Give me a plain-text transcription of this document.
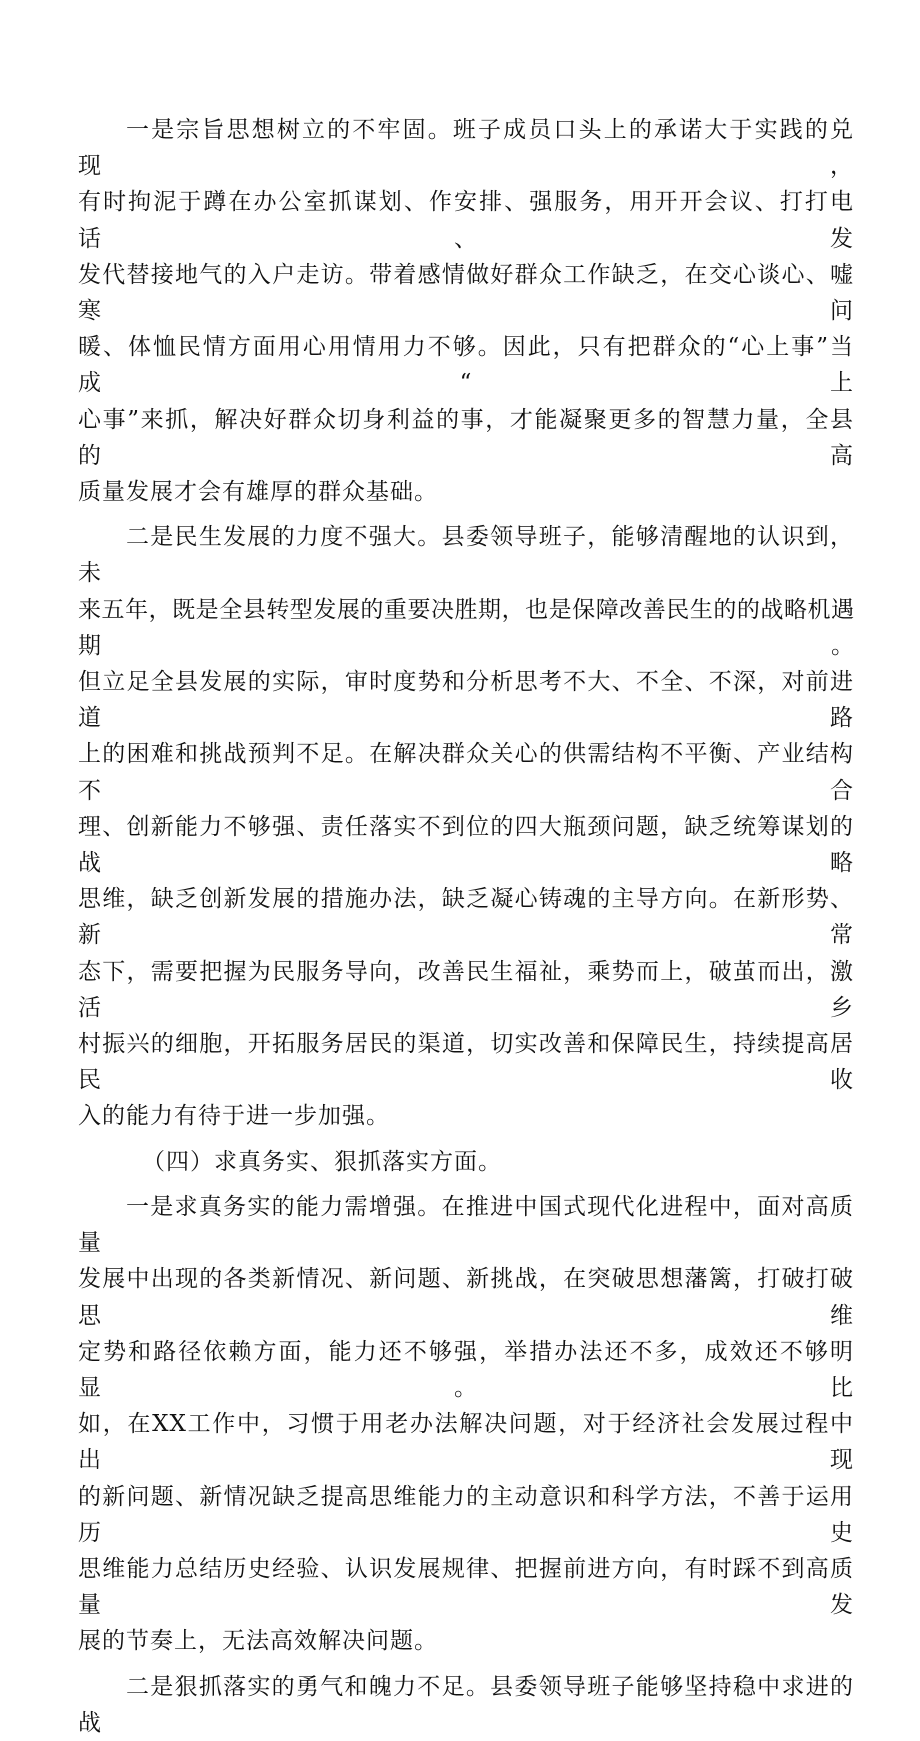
一是宗旨思想树立的不牢固。班子成员口头上的承诺大于实践的兑现，
有时拘泥于蹲在办公室抓谋划、作安排、强服务，用开开会议、打打电话、发
发代替接地气的入户走访。带着感情做好群众工作缺乏，在交心谈心、嘘寒问
暖、体恤民情方面用心用情用力不够。因此，只有把群众的“心上事”当成“上
心事”来抓，解决好群众切身利益的事，才能凝聚更多的智慧力量，全县的高
质量发展才会有雄厚的群众基础。
二是民生发展的力度不强大。县委领导班子，能够清醒地的认识到，未
来五年，既是全县转型发展的重要决胜期，也是保障改善民生的的战略机遇期。
但立足全县发展的实际，审时度势和分析思考不大、不全、不深，对前进道路
上的困难和挑战预判不足。在解决群众关心的供需结构不平衡、产业结构不合
理、创新能力不够强、责任落实不到位的四大瓶颈问题，缺乏统筹谋划的战略
思维，缺乏创新发展的措施办法，缺乏凝心铸魂的主导方向。在新形势、新常
态下，需要把握为民服务导向，改善民生福祉，乘势而上，破茧而出，激活乡
村振兴的细胞，开拓服务居民的渠道，切实改善和保障民生，持续提高居民收
入的能力有待于进一步加强。
（四）求真务实、狠抓落实方面。
一是求真务实的能力需增强。在推进中国式现代化进程中，面对高质量
发展中出现的各类新情况、新问题、新挑战，在突破思想藩篱，打破打破思维
定势和路径依赖方面，能力还不够强，举措办法还不多，成效还不够明显。比
如，在XX工作中，习惯于用老办法解决问题，对于经济社会发展过程中出现
的新问题、新情况缺乏提高思维能力的主动意识和科学方法，不善于运用历史
思维能力总结历史经验、认识发展规律、把握前进方向，有时踩不到高质量发
展的节奏上，无法高效解决问题。
二是狠抓落实的勇气和魄力不足。县委领导班子能够坚持稳中求进的战
